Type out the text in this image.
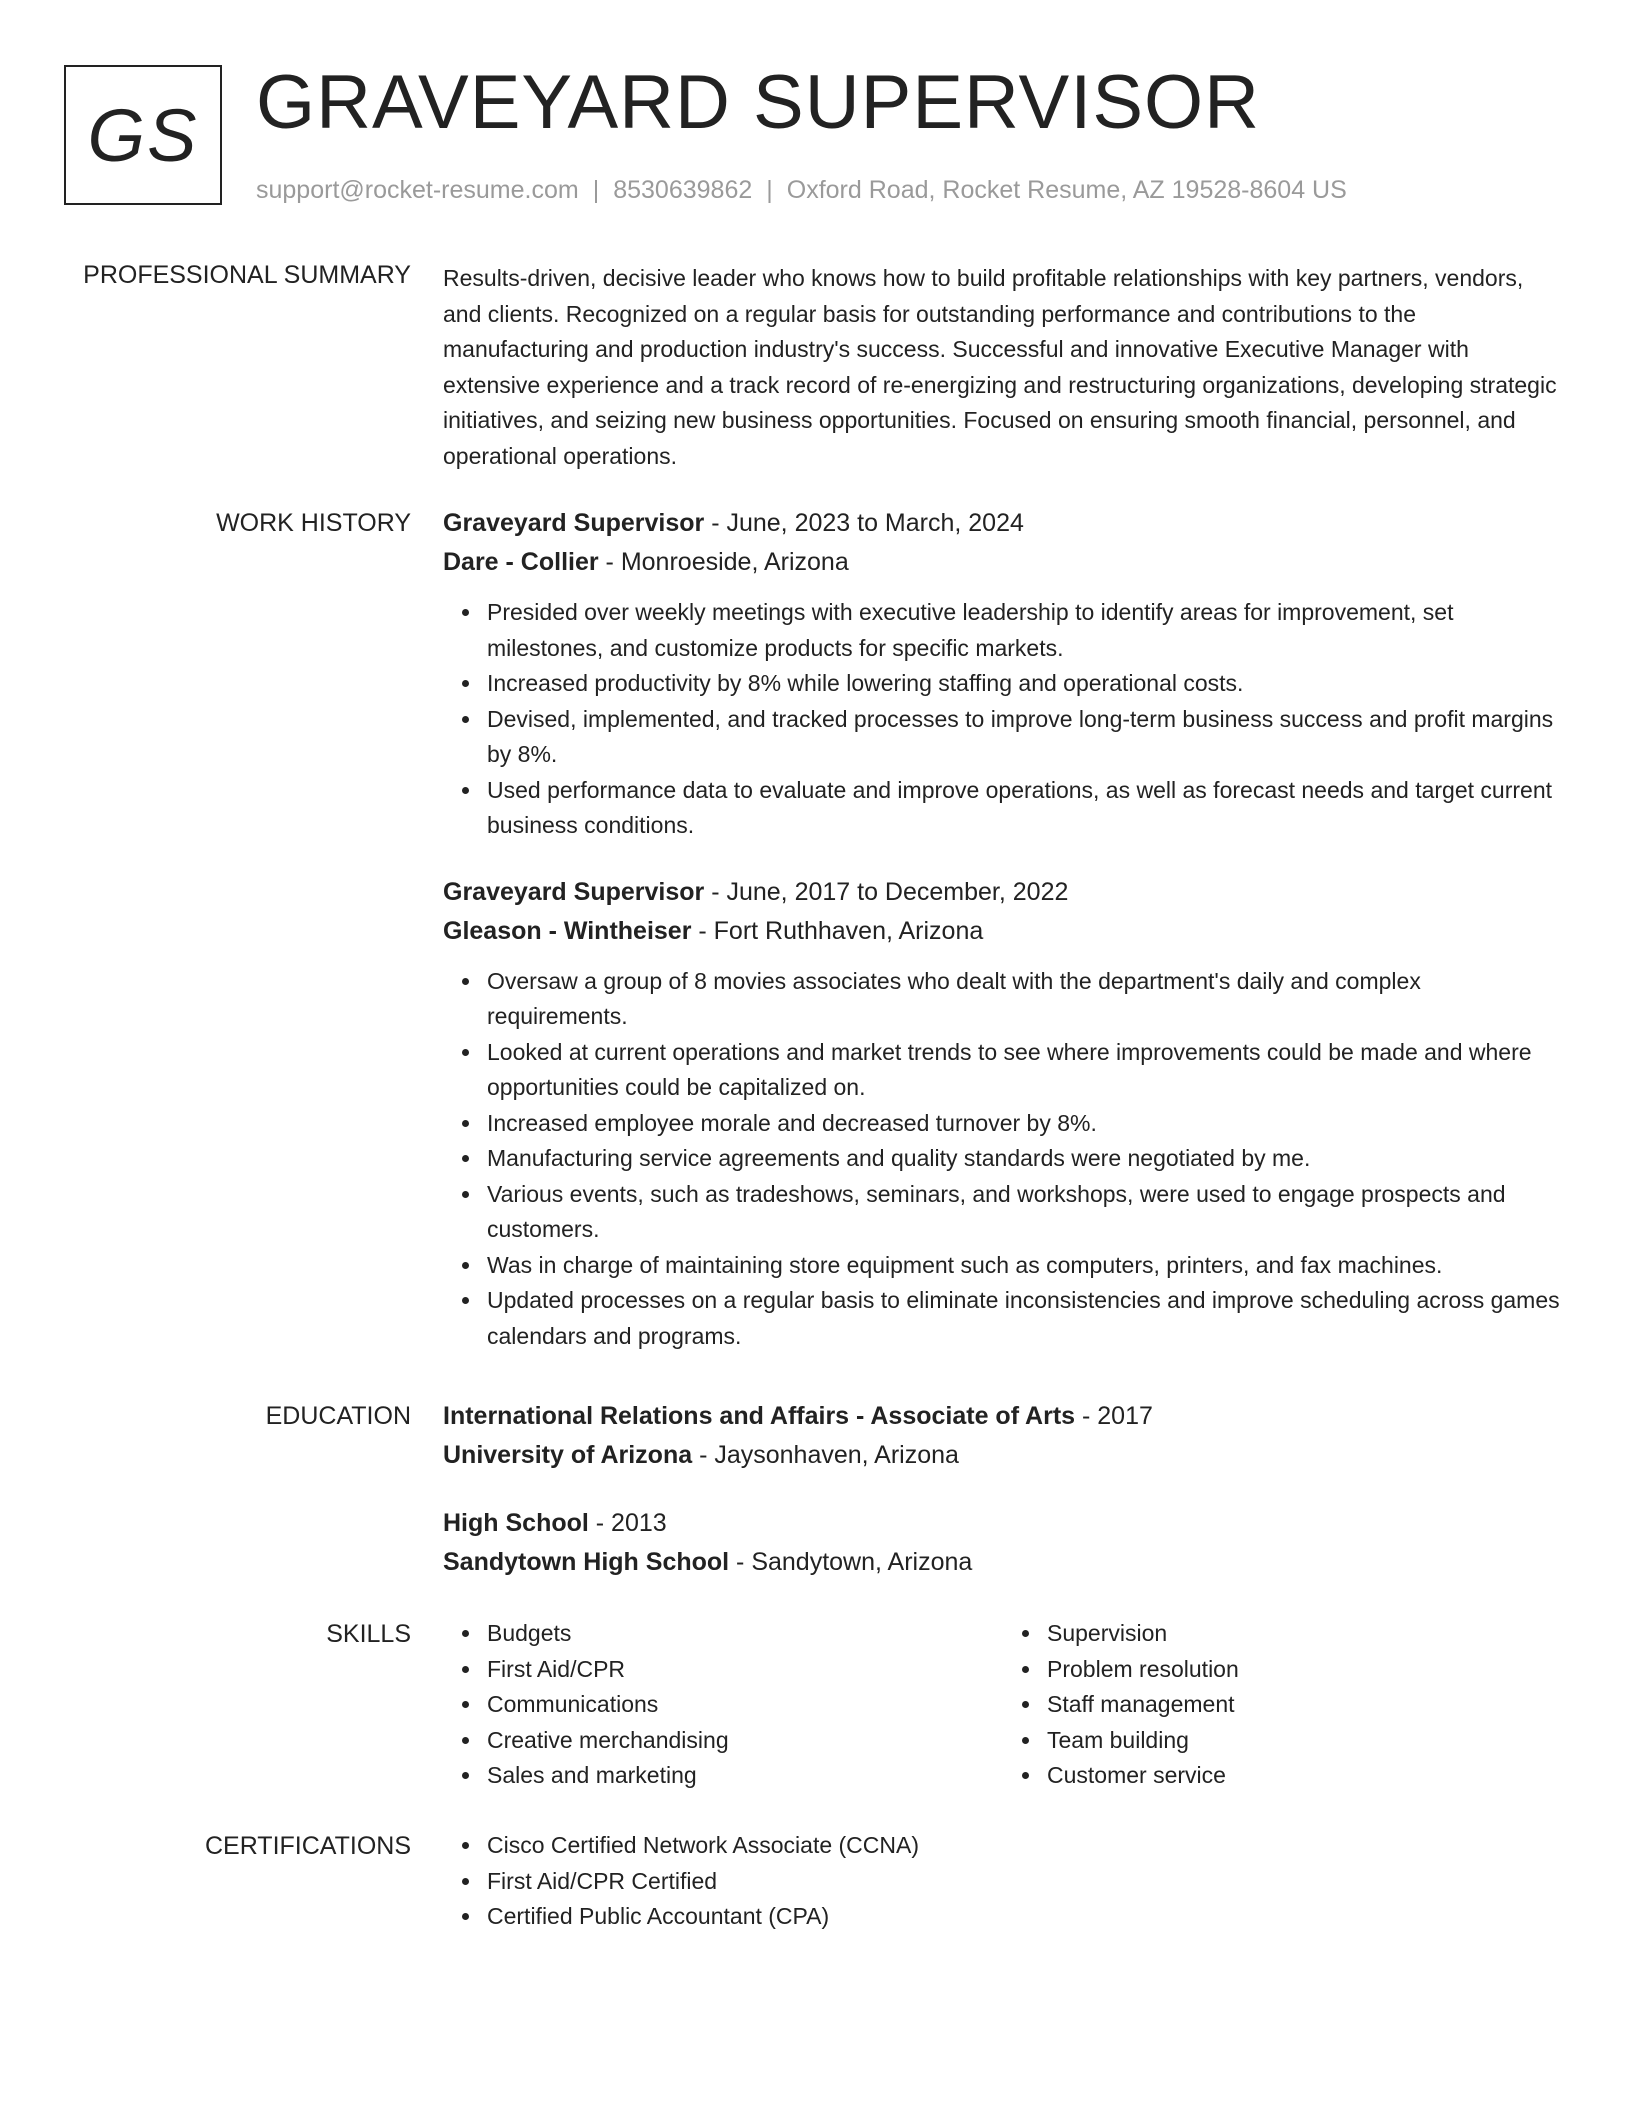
GS GRAVEYARD SUPERVISOR
support@rocket-resume.com | 8530639862 | Oxford Road, Rocket Resume, AZ 19528-8604 US
PROFESSIONAL SUMMARY Results-driven, decisive leader who knows how to build profitable relationships with key partners, vendors, and clients. Recognized on a regular basis for outstanding performance and contributions to the manufacturing and production industry's success. Successful and innovative Executive Manager with extensive experience and a track record of re-energizing and restructuring organizations, developing strategic initiatives, and seizing new business opportunities. Focused on ensuring smooth financial, personnel, and operational operations.

WORK HISTORY Graveyard Supervisor - June, 2023 to March, 2024
Dare - Collier - Monroeside, Arizona
Presided over weekly meetings with executive leadership to identify areas for improvement, set milestones, and customize products for specific markets.
Increased productivity by 8% while lowering staffing and operational costs.
Devised, implemented, and tracked processes to improve long-term business success and profit margins by 8%.
Used performance data to evaluate and improve operations, as well as forecast needs and target current business conditions.
Graveyard Supervisor - June, 2017 to December, 2022
Gleason - Wintheiser - Fort Ruthhaven, Arizona
Oversaw a group of 8 movies associates who dealt with the department's daily and complex requirements.
Looked at current operations and market trends to see where improvements could be made and where opportunities could be capitalized on.
Increased employee morale and decreased turnover by 8%.
Manufacturing service agreements and quality standards were negotiated by me.
Various events, such as tradeshows, seminars, and workshops, were used to engage prospects and customers.
Was in charge of maintaining store equipment such as computers, printers, and fax machines.
Updated processes on a regular basis to eliminate inconsistencies and improve scheduling across games calendars and programs.
EDUCATION International Relations and Affairs - Associate of Arts - 2017
University of Arizona - Jaysonhaven, Arizona
High School - 2013
Sandytown High School - Sandytown, Arizona
SKILLS	Budgets
First Aid/CPR
Communications
Creative merchandising
Sales and marketing
Supervision
Problem resolution
Staff management
Team building
Customer service
CERTIFICATIONS	Cisco Certified Network Associate (CCNA)
First Aid/CPR Certified
Certified Public Accountant (CPA)
